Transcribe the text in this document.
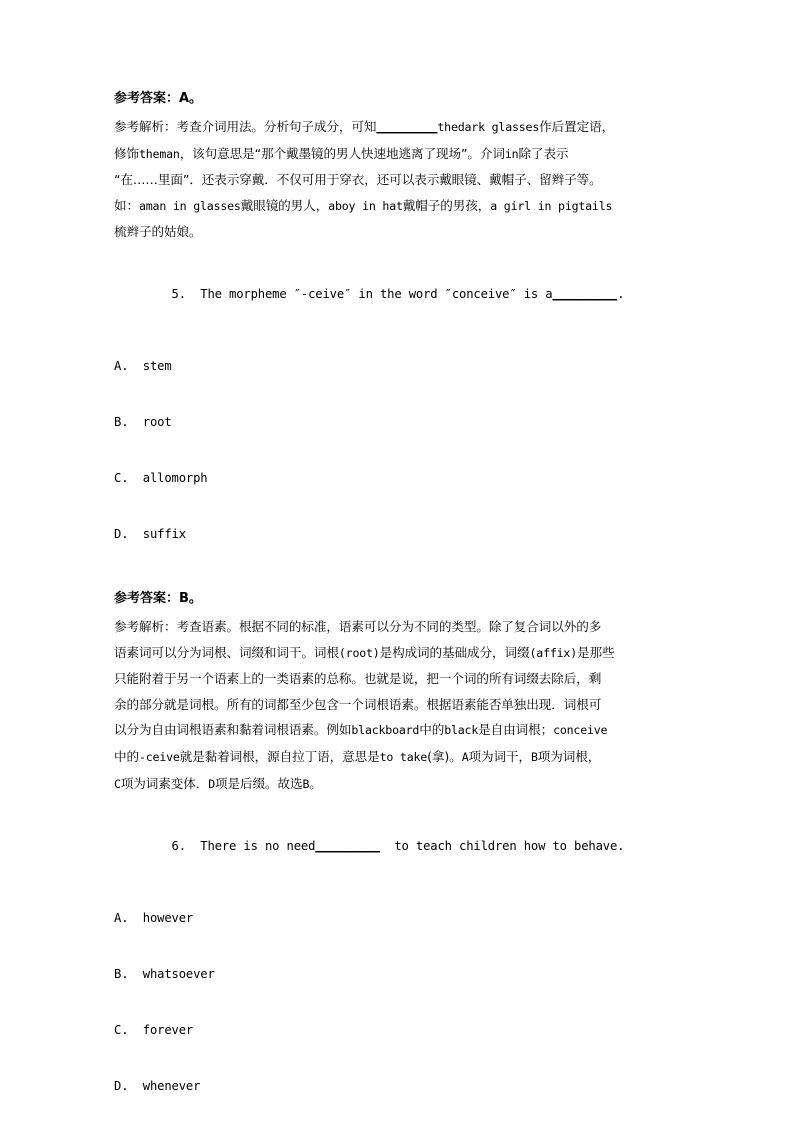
参考答案：A。

参考解析：考查介词用法。分析句子成分，可知_________thedark glasses作后置定语，

修饰theman，该句意思是“那个戴墨镜的男人快速地逃离了现场”。介词in除了表示

“在……里面”．还表示穿戴．不仅可用于穿衣，还可以表示戴眼镜、戴帽子、留辫子等。

如：aman in glasses戴眼镜的男人，aboy in hat戴帽子的男孩，a girl in pigtails

梳辫子的姑娘。

5.  The morpheme ″-ceive″ in the word ″conceive″ is a_________.

A.  stem

B.  root

C.  allomorph

D.  suffix

参考答案：B。

参考解析：考查语素。根据不同的标准，语素可以分为不同的类型。除了复合词以外的多

语素词可以分为词根、词缀和词干。词根(root)是构成词的基础成分，词缀(affix)是那些

只能附着于另一个语素上的一类语素的总称。也就是说，把一个词的所有词缀去除后，剩

余的部分就是词根。所有的词都至少包含一个词根语素。根据语素能否单独出现．词根可

以分为自由词根语素和黏着词根语素。例如blackboard中的black是自由词根；conceive

中的-ceive就是黏着词根，源自拉丁语，意思是to take(拿)。A项为词干，B项为词根，

C项为词素变体．D项是后缀。故选B。

6.  There is no need_________  to teach children how to behave.

A.  however

B.  whatsoever

C.  forever

D.  whenever
